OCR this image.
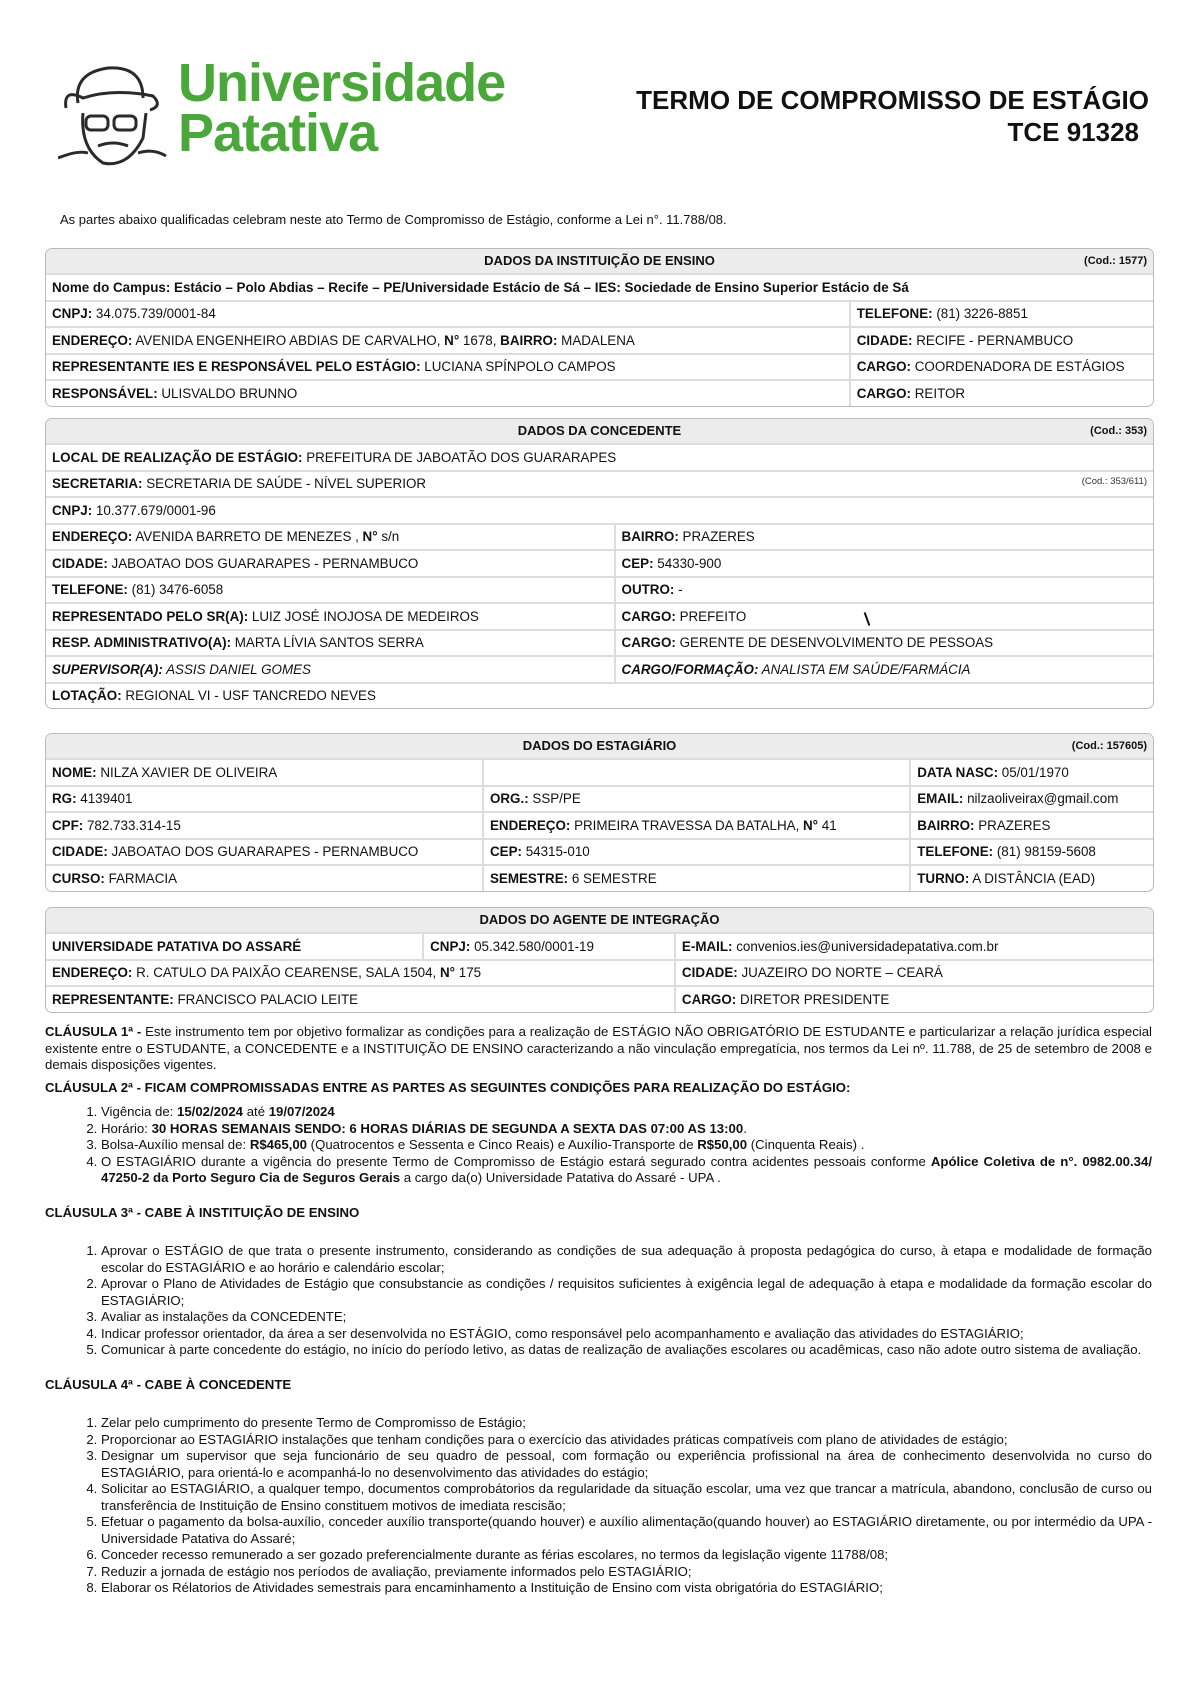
Universidade
Patativa
TERMO DE COMPROMISSO DE ESTÁGIO
TCE 91328
As partes abaixo qualificadas celebram neste ato Termo de Compromisso de Estágio, conforme a Lei n°. 11.788/08.
DADOS DA INSTITUIÇÃO DE ENSINO	(Cod.: 1577)
Nome do Campus: Estácio – Polo Abdias – Recife – PE/Universidade Estácio de Sá – IES: Sociedade de Ensino Superior Estácio de Sá	
CNPJ: 34.075.739/0001-84	TELEFONE: (81) 3226-8851
ENDEREÇO: AVENIDA ENGENHEIRO ABDIAS DE CARVALHO, N° 1678, BAIRRO: MADALENA	CIDADE: RECIFE - PERNAMBUCO
REPRESENTANTE IES E RESPONSÁVEL PELO ESTÁGIO: LUCIANA SPÍNPOLO CAMPOS	CARGO: COORDENADORA DE ESTÁGIOS
RESPONSÁVEL: ULISVALDO BRUNNO	CARGO: REITOR
DADOS DA CONCEDENTE	(Cod.: 353)
LOCAL DE REALIZAÇÃO DE ESTÁGIO: PREFEITURA DE JABOATÃO DOS GUARARAPES	

(Cod.: 353/611)
SECRETARIA: SECRETARIA DE SAÚDE - NÍVEL SUPERIOR	
CNPJ: 10.377.679/0001-96	
ENDEREÇO: AVENIDA BARRETO DE MENEZES , N° s/n	BAIRRO: PRAZERES
CIDADE: JABOATAO DOS GUARARAPES - PERNAMBUCO	CEP: 54330-900
TELEFONE: (81) 3476-6058	OUTRO: -
REPRESENTADO PELO SR(A): LUIZ JOSÉ INOJOSA DE MEDEIROS	CARGO: PREFEITO
RESP. ADMINISTRATIVO(A): MARTA LÍVIA SANTOS SERRA	CARGO: GERENTE DE DESENVOLVIMENTO DE PESSOAS
SUPERVISOR(A): ASSIS DANIEL GOMES	CARGO/FORMAÇÃO: ANALISTA EM SAÚDE/FARMÁCIA
LOTAÇÃO: REGIONAL VI - USF TANCREDO NEVES	
DADOS DO ESTAGIÁRIO	(Cod.: 157605)
NOME: NILZA XAVIER DE OLIVEIRA		DATA NASC: 05/01/1970
RG: 4139401	ORG.: SSP/PE	EMAIL: nilzaoliveirax@gmail.com
CPF: 782.733.314-15	ENDEREÇO: PRIMEIRA TRAVESSA DA BATALHA, N° 41	BAIRRO: PRAZERES
CIDADE: JABOATAO DOS GUARARAPES - PERNAMBUCO	CEP: 54315-010	TELEFONE: (81) 98159-5608
CURSO: FARMACIA	SEMESTRE: 6 SEMESTRE	TURNO: A DISTÂNCIA (EAD)
DADOS DO AGENTE DE INTEGRAÇÃO
UNIVERSIDADE PATATIVA DO ASSARÉ	CNPJ: 05.342.580/0001-19	E-MAIL: convenios.ies@universidadepatativa.com.br
ENDEREÇO: R. CATULO DA PAIXÃO CEARENSE, SALA 1504, N° 175		CIDADE: JUAZEIRO DO NORTE – CEARÁ
REPRESENTANTE: FRANCISCO PALACIO LEITE		CARGO: DIRETOR PRESIDENTE

CLÁUSULA 1ª - Este instrumento tem por objetivo formalizar as condições para a realização de ESTÁGIO NÃO OBRIGATÓRIO DE ESTUDANTE e particularizar a relação jurídica especial existente entre o ESTUDANTE, a CONCEDENTE e a INSTITUIÇÃO DE ENSINO caracterizando a não vinculação empregatícia, nos termos da Lei nº. 11.788, de 25 de setembro de 2008 e demais disposições vigentes.

CLÁUSULA 2ª - FICAM COMPROMISSADAS ENTRE AS PARTES AS SEGUINTES CONDIÇÕES PARA REALIZAÇÃO DO ESTÁGIO:
1. Vigência de: 15/02/2024 até 19/07/2024
2. Horário: 30 HORAS SEMANAIS SENDO: 6 HORAS DIÁRIAS DE SEGUNDA A SEXTA DAS 07:00 AS 13:00.
3. Bolsa-Auxílio mensal de: R$465,00 (Quatrocentos e Sessenta e Cinco Reais) e Auxílio-Transporte de R$50,00 (Cinquenta Reais) .
4. O ESTAGIÁRIO durante a vigência do presente Termo de Compromisso de Estágio estará segurado contra acidentes pessoais conforme Apólice Coletiva de n°. 0982.00.34/ 47250-2 da Porto Seguro Cia de Seguros Gerais a cargo da(o) Universidade Patativa do Assaré - UPA .
CLÁUSULA 3ª - CABE À INSTITUIÇÃO DE ENSINO
1. Aprovar o ESTÁGIO de que trata o presente instrumento, considerando as condições de sua adequação à proposta pedagógica do curso, à etapa e modalidade de formação escolar do ESTAGIÁRIO e ao horário e calendário escolar;
2. Aprovar o Plano de Atividades de Estágio que consubstancie as condições / requisitos suficientes à exigência legal de adequação à etapa e modalidade da formação escolar do ESTAGIÁRIO;
3. Avaliar as instalações da CONCEDENTE;
4. Indicar professor orientador, da área a ser desenvolvida no ESTÁGIO, como responsável pelo acompanhamento e avaliação das atividades do ESTAGIÁRIO;
5. Comunicar à parte concedente do estágio, no início do período letivo, as datas de realização de avaliações escolares ou acadêmicas, caso não adote outro sistema de avaliação.
CLÁUSULA 4ª - CABE À CONCEDENTE
1. Zelar pelo cumprimento do presente Termo de Compromisso de Estágio;
2. Proporcionar ao ESTAGIÁRIO instalações que tenham condições para o exercício das atividades práticas compatíveis com plano de atividades de estágio;
3. Designar um supervisor que seja funcionário de seu quadro de pessoal, com formação ou experiência profissional na área de conhecimento desenvolvida no curso do ESTAGIÁRIO, para orientá-lo e acompanhá-lo no desenvolvimento das atividades do estágio;
4. Solicitar ao ESTAGIÁRIO, a qualquer tempo, documentos comprobátorios da regularidade da situação escolar, uma vez que trancar a matrícula, abandono, conclusão de curso ou transferência de Instituição de Ensino constituem motivos de imediata rescisão;
5. Efetuar o pagamento da bolsa-auxílio, conceder auxílio transporte(quando houver) e auxílio alimentação(quando houver) ao ESTAGIÁRIO diretamente, ou por intermédio da UPA - Universidade Patativa do Assaré;
6. Conceder recesso remunerado a ser gozado preferencialmente durante as férias escolares, no termos da legislação vigente 11788/08;
7. Reduzir a jornada de estágio nos períodos de avaliação, previamente informados pelo ESTAGIÁRIO;
8. Elaborar os Rélatorios de Atividades semestrais para encaminhamento a Instituição de Ensino com vista obrigatória do ESTAGIÁRIO;
